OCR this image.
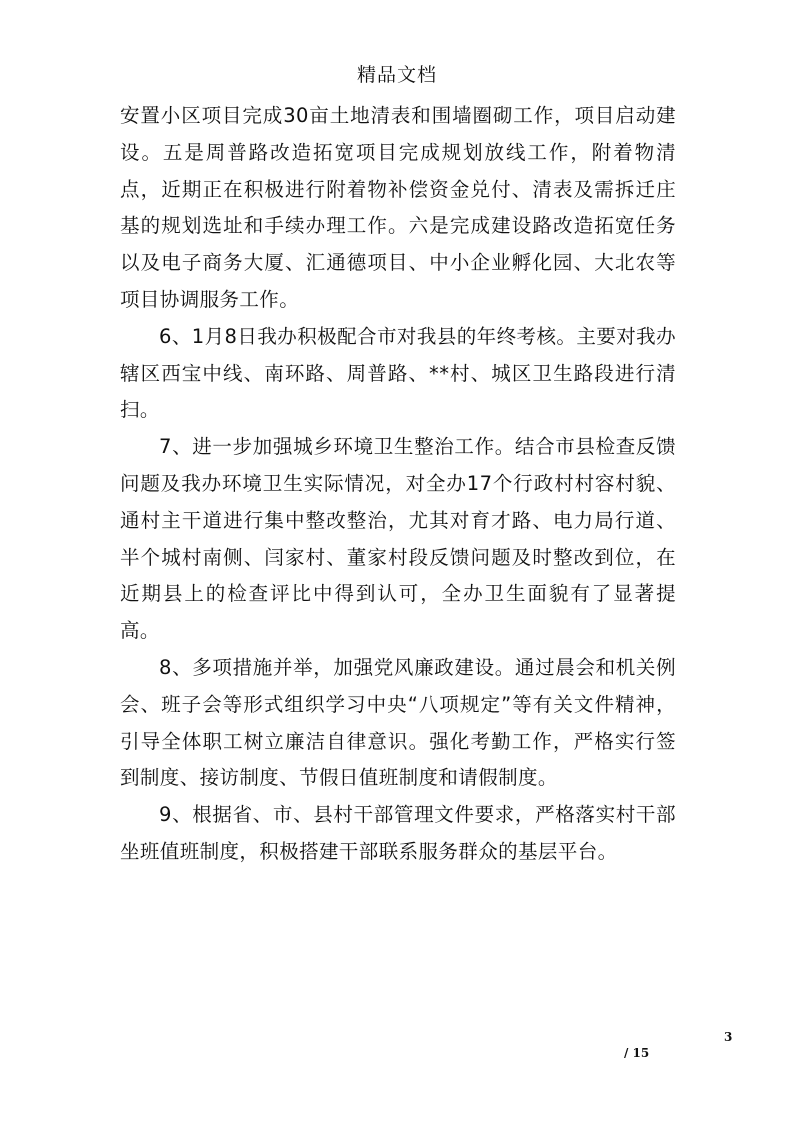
精品文档

安置小区项目完成30亩土地清表和围墙圈砌工作，项目启动建设。五是周普路改造拓宽项目完成规划放线工作，附着物清点，近期正在积极进行附着物补偿资金兑付、清表及需拆迁庄基的规划选址和手续办理工作。六是完成建设路改造拓宽任务以及电子商务大厦、汇通德项目、中小企业孵化园、大北农等项目协调服务工作。

6、1月8日我办积极配合市对我县的年终考核。主要对我办辖区西宝中线、南环路、周普路、**村、城区卫生路段进行清扫。

7、进一步加强城乡环境卫生整治工作。结合市县检查反馈问题及我办环境卫生实际情况，对全办17个行政村村容村貌、通村主干道进行集中整改整治，尤其对育才路、电力局行道、半个城村南侧、闫家村、董家村段反馈问题及时整改到位，在近期县上的检查评比中得到认可，全办卫生面貌有了显著提高。

8、多项措施并举，加强党风廉政建设。通过晨会和机关例会、班子会等形式组织学习中央“八项规定”等有关文件精神，引导全体职工树立廉洁自律意识。强化考勤工作，严格实行签到制度、接访制度、节假日值班制度和请假制度。

9、根据省、市、县村干部管理文件要求，严格落实村干部坐班值班制度，积极搭建干部联系服务群众的基层平台。

3
/ 15
